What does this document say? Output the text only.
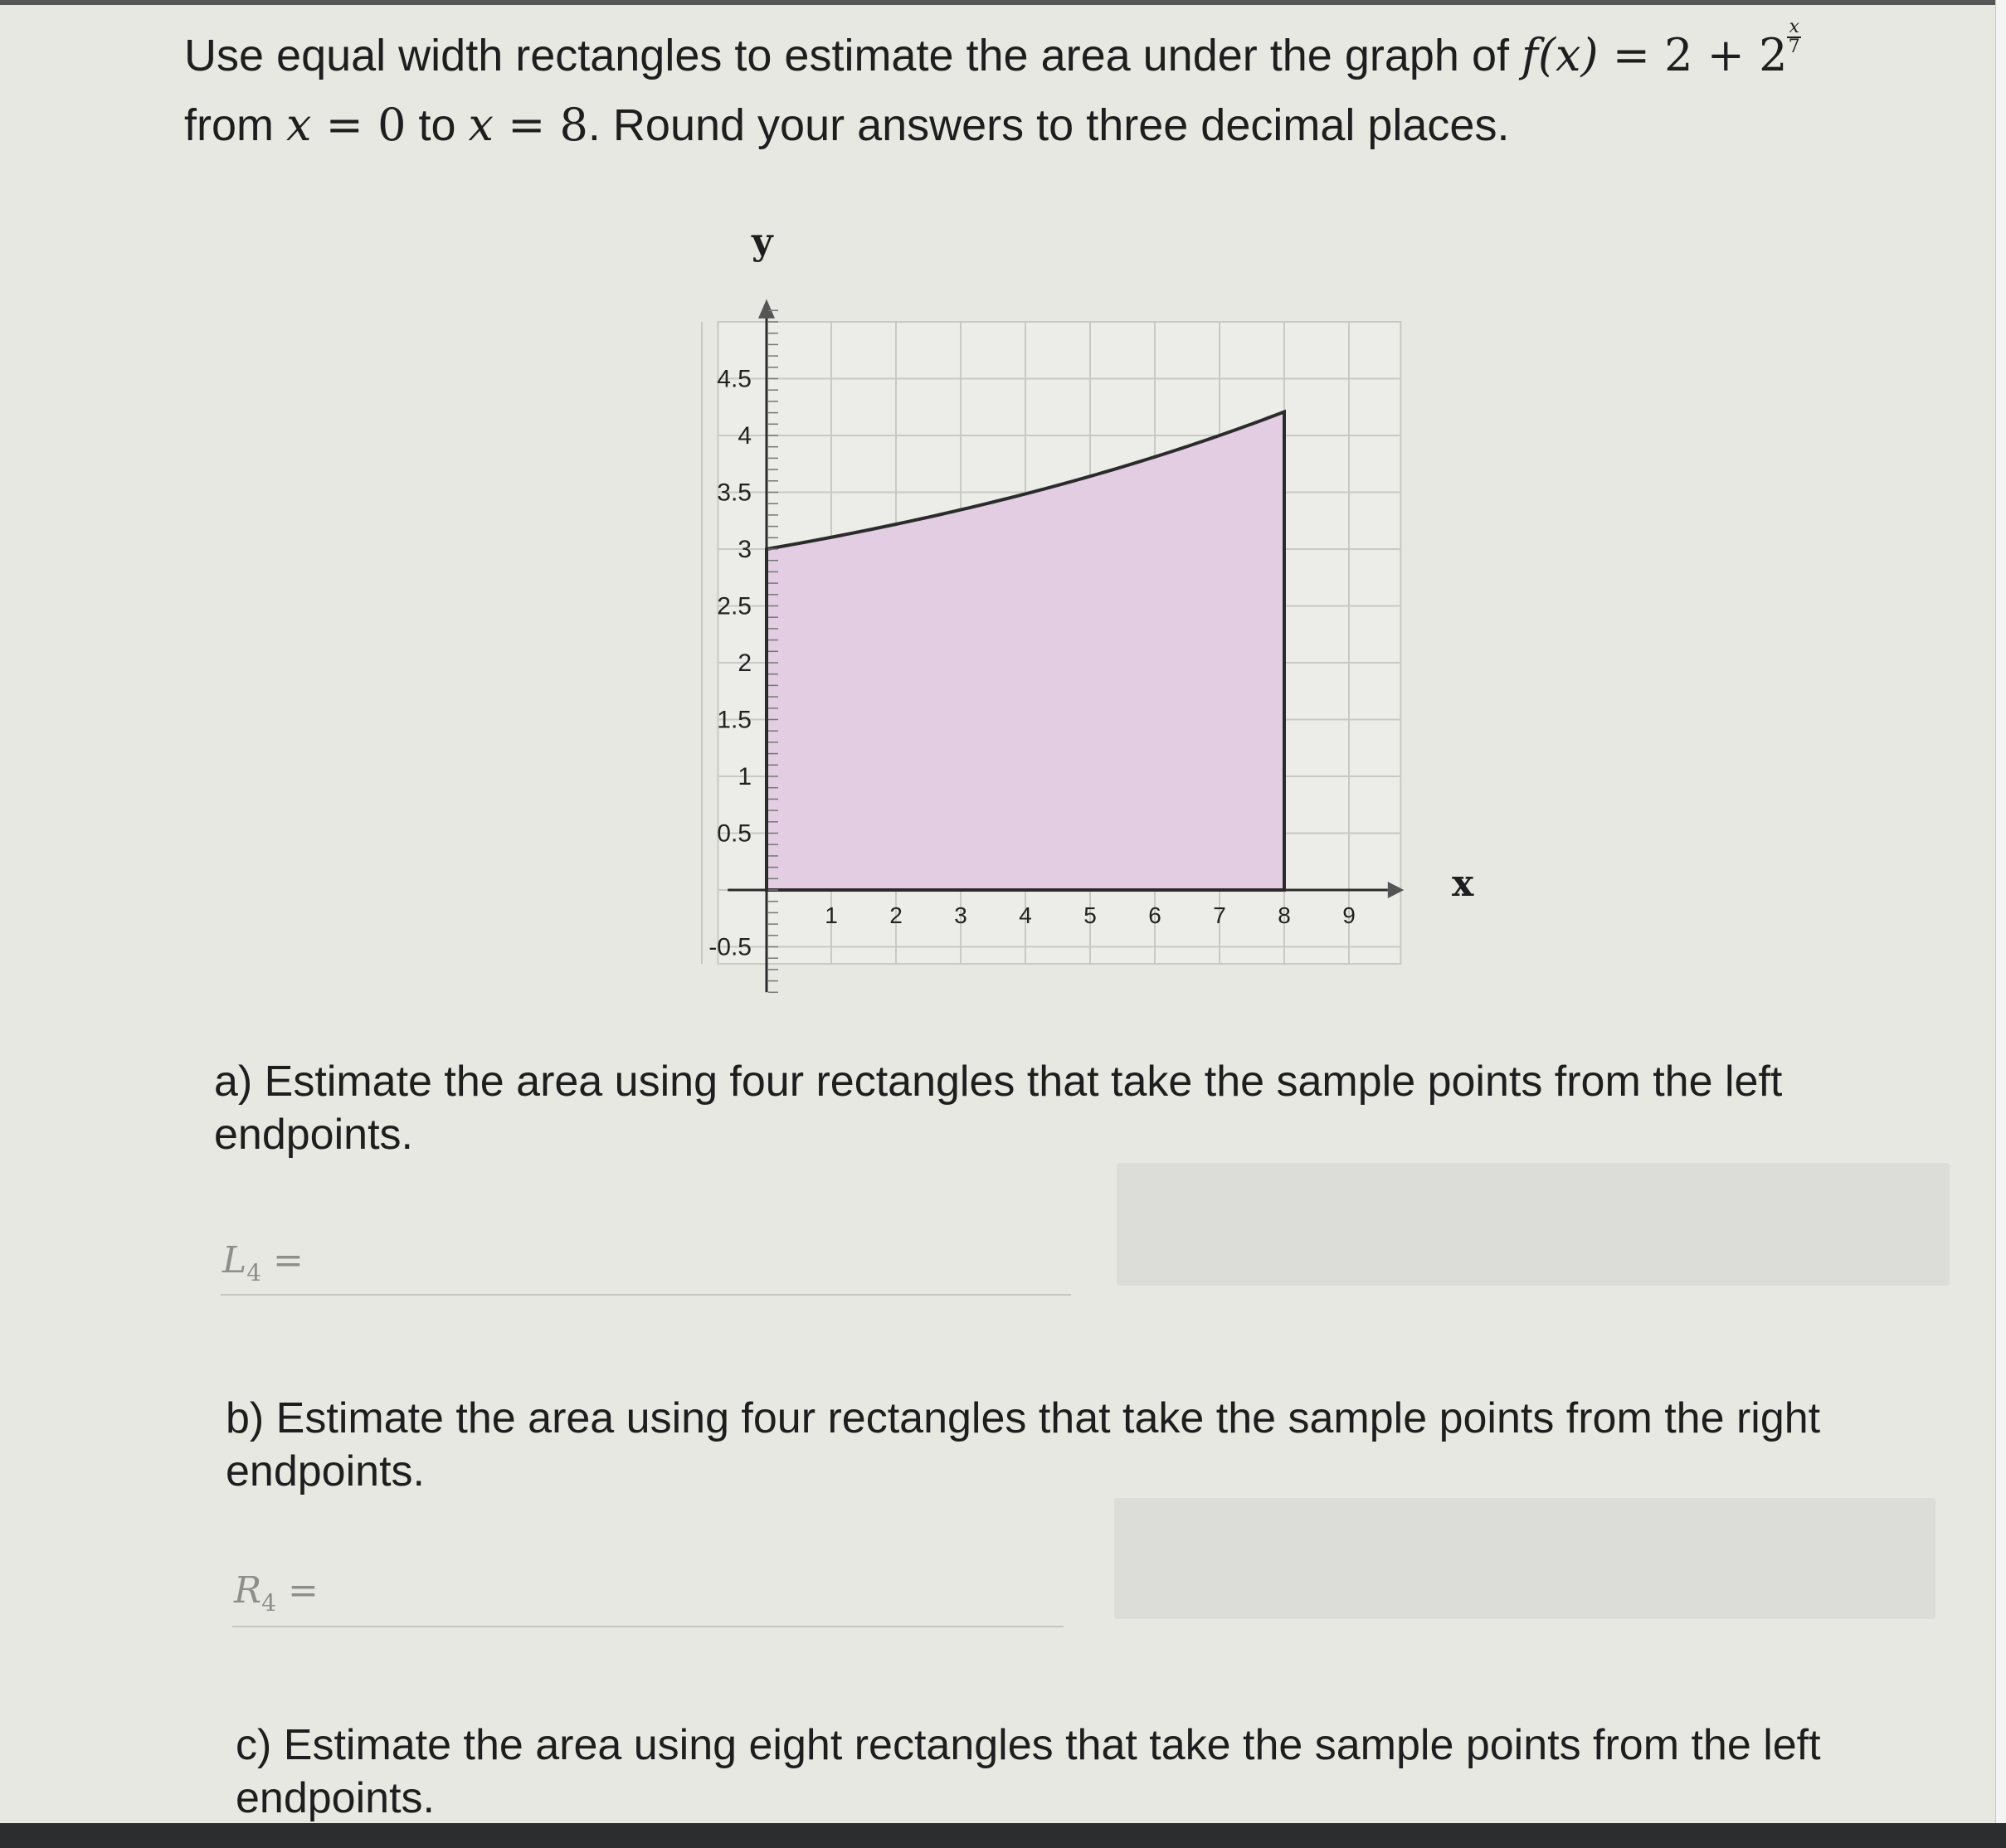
Use equal width rectangles to estimate the area under the graph of $f(x) = 2 + 2 \frac{x}{7}$

from x = 0 to x = 8. Round your answers to three decimal places.
y
x
1 2 3 4 5 6 7 8 9
4.5
4
3.5
3
2.5
2
1.5
1
0.5
-0.5
a) Estimate the area using four rectangles that take the sample points from the left endpoints.
$L_4$ =
b) Estimate the area using four rectangles that take the sample points from the right endpoints.
$R_4$ =
c) Estimate the area using eight rectangles that take the sample points from the left endpoints.
